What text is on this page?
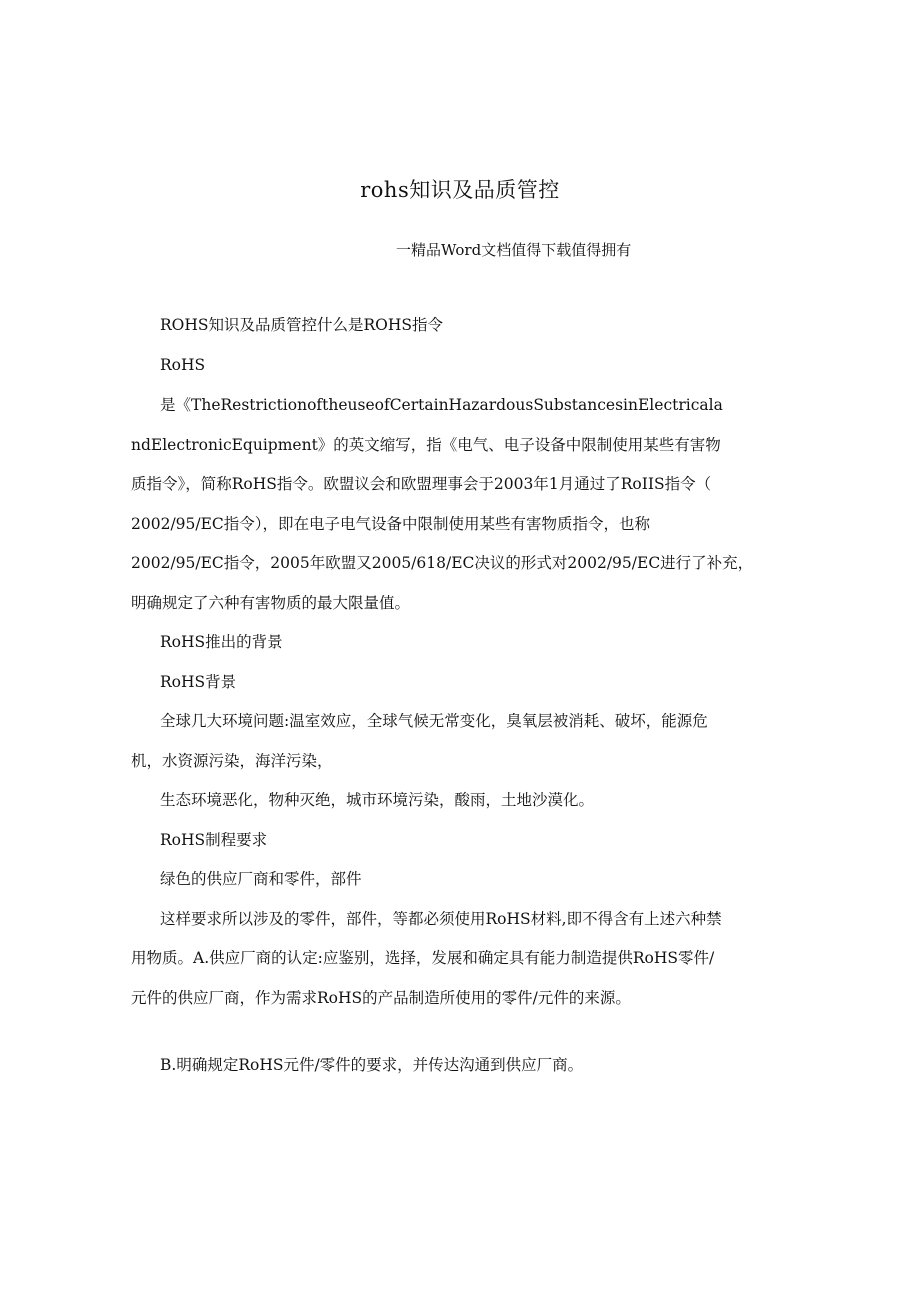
rohs知识及品质管控
一精品Word文档值得下载值得拥有
ROHS知识及品质管控什么是ROHS指令
RoHS
是《TheRestrictionoftheuseofCertainHazardousSubstancesinElectricala
ndElectronicEquipment》的英文缩写，指《电气、电子设备中限制使用某些有害物
质指令》，简称RoHS指令。欧盟议会和欧盟理事会于2003年1月通过了RoIIS指令（
2002/95/EC指令），即在电子电气设备中限制使用某些有害物质指令，也称
2002/95/EC指令，2005年欧盟又2005/618/EC决议的形式对2002/95/EC进行了补充，
明确规定了六种有害物质的最大限量值。
RoHS推出的背景
RoHS背景
全球几大环境问题:温室效应，全球气候无常变化，臭氧层被消耗、破坏，能源危
机，水资源污染，海洋污染，
生态环境恶化，物种灭绝，城市环境污染，酸雨，土地沙漠化。
RoHS制程要求
绿色的供应厂商和零件，部件
这样要求所以涉及的零件，部件，等都必须使用RoHS材料,即不得含有上述六种禁
用物质。A.供应厂商的认定:应鉴别，选择，发展和确定具有能力制造提供RoHS零件/
元件的供应厂商，作为需求RoHS的产品制造所使用的零件/元件的来源。
B.明确规定RoHS元件/零件的要求，并传达沟通到供应厂商。
